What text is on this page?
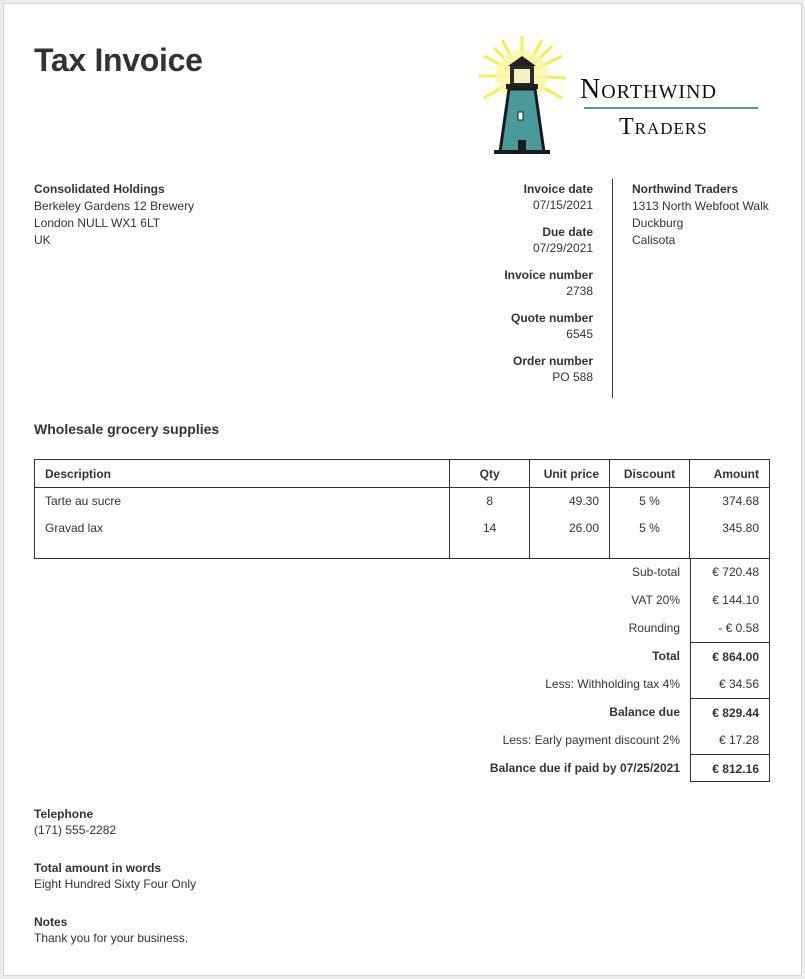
Tax Invoice
Northwind
Traders
Consolidated Holdings
Berkeley Gardens 12 Brewery
London NULL WX1 6LT
UK
Invoice date
07/15/2021
Due date
07/29/2021
Invoice number
2738
Quote number
6545
Order number
PO 588
Northwind Traders
1313 North Webfoot Walk
Duckburg
Calisota
Wholesale grocery supplies
Description	Qty	Unit price	Discount	Amount
Tarte au sucre	8	49.30	5 %	374.68
Gravad lax	14	26.00	5 %	345.80

Sub-total	€ 720.48
VAT 20%	€ 144.10
Rounding	- € 0.58
Total	€ 864.00
Less: Withholding tax 4%	€ 34.56
Balance due	€ 829.44
Less: Early payment discount 2%	€ 17.28
Balance due if paid by 07/25/2021	€ 812.16
Telephone
(171) 555-2282
Total amount in words
Eight Hundred Sixty Four Only
Notes
Thank you for your business.
